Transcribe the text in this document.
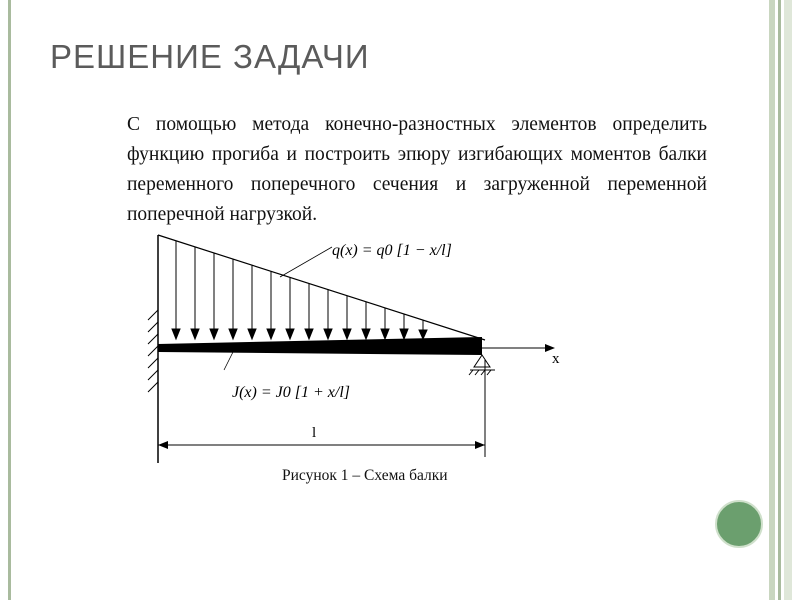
РЕШЕНИЕ ЗАДАЧИ

С помощью метода конечно-разностных элементов определить функцию прогиба и построить эпюру изгибающих моментов балки переменного поперечного сечения и загруженной переменной поперечной нагрузкой.

x
q(x) = q0 [1 − x/l]
J(x) = J0 [1 + x/l]
l
Рисунок 1 – Схема балки
